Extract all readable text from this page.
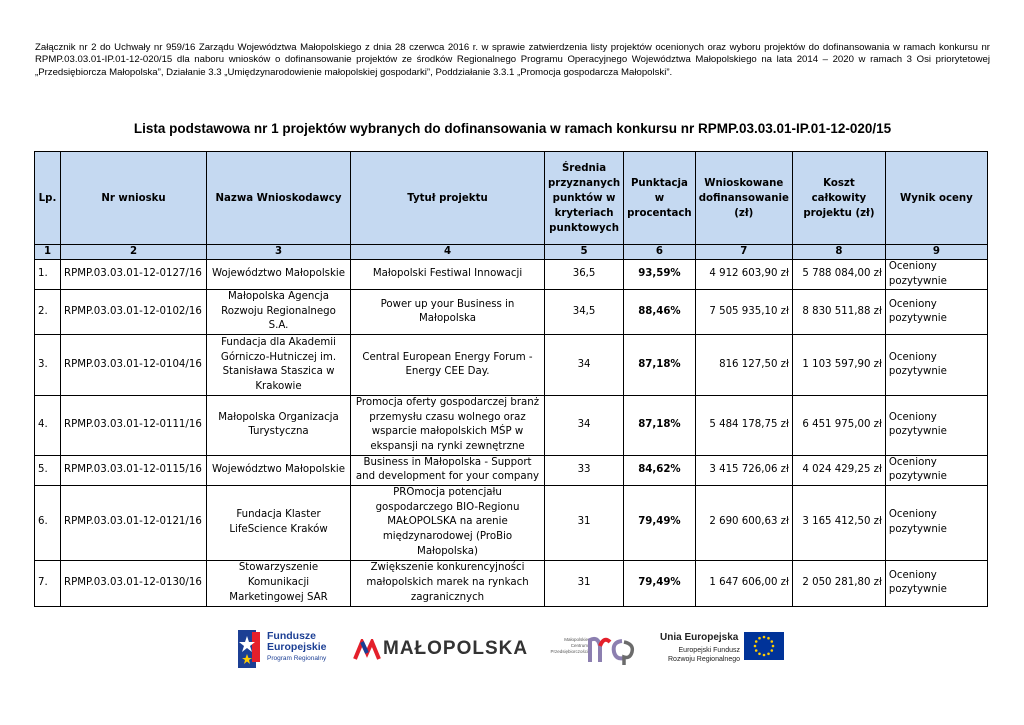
Załącznik nr 2 do Uchwały nr 959/16 Zarządu Województwa Małopolskiego z dnia 28 czerwca 2016 r. w sprawie zatwierdzenia listy projektów ocenionych oraz wyboru projektów do dofinansowania w ramach konkursu nr RPMP.03.03.01-IP.01-12-020/15 dla naboru wniosków o dofinansowanie projektów ze środków Regionalnego Programu Operacyjnego Województwa Małopolskiego na lata 2014 – 2020 w ramach 3 Osi priorytetowej „Przedsiębiorcza Małopolska”, Działanie 3.3 „Umiędzynarodowienie małopolskiej gospodarki”, Poddziałanie 3.3.1 „Promocja gospodarcza Małopolski”.

Lista podstawowa nr 1 projektów wybranych do dofinansowania w ramach konkursu nr RPMP.03.03.01-IP.01-12-020/15
Lp.	Nr wniosku	Nazwa Wnioskodawcy	Tytuł projektu	Średnia przyznanych punktów w kryteriach punktowych	Punktacja w procentach	Wnioskowane dofinansowanie (zł)	Koszt całkowity projektu (zł)	Wynik oceny
1	2	3	4	5	6	7	8	9
1.	RPMP.03.03.01-12-0127/16	Województwo Małopolskie	Małopolski Festiwal Innowacji	36,5	93,59%	4 912 603,90 zł	5 788 084,00 zł	Oceniony pozytywnie
2.	RPMP.03.03.01-12-0102/16	Małopolska Agencja Rozwoju Regionalnego S.A.	Power up your Business in Małopolska	34,5	88,46%	7 505 935,10 zł	8 830 511,88 zł	Oceniony pozytywnie
3.	RPMP.03.03.01-12-0104/16	Fundacja dla Akademii Górniczo-Hutniczej im. Stanisława Staszica w Krakowie	Central European Energy Forum - Energy CEE Day.	34	87,18%	816 127,50 zł	1 103 597,90 zł	Oceniony pozytywnie
4.	RPMP.03.03.01-12-0111/16	Małopolska Organizacja Turystyczna	Promocja oferty gospodarczej branż przemysłu czasu wolnego oraz wsparcie małopolskich MŚP w ekspansji na rynki zewnętrzne	34	87,18%	5 484 178,75 zł	6 451 975,00 zł	Oceniony pozytywnie
5.	RPMP.03.03.01-12-0115/16	Województwo Małopolskie	Business in Małopolska - Support and development for your company	33	84,62%	3 415 726,06 zł	4 024 429,25 zł	Oceniony pozytywnie
6.	RPMP.03.03.01-12-0121/16	Fundacja Klaster LifeScience Kraków	PROmocja potencjału gospodarczego BIO-Regionu MAŁOPOLSKA na arenie międzynarodowej (ProBio Małopolska)	31	79,49%	2 690 600,63 zł	3 165 412,50 zł	Oceniony pozytywnie
7.	RPMP.03.03.01-12-0130/16	Stowarzyszenie Komunikacji Marketingowej SAR	Zwiększenie konkurencyjności małopolskich marek na rynkach zagranicznych	31	79,49%	1 647 606,00 zł	2 050 281,80 zł	Oceniony pozytywnie
Fundusze
Europejskie
Program Regionalny	MAŁOPOLSKA	Małopolskie
Centrum
Przedsiębiorczości
Unia Europejska
Europejski Fundusz
Rozwoju Regionalnego
